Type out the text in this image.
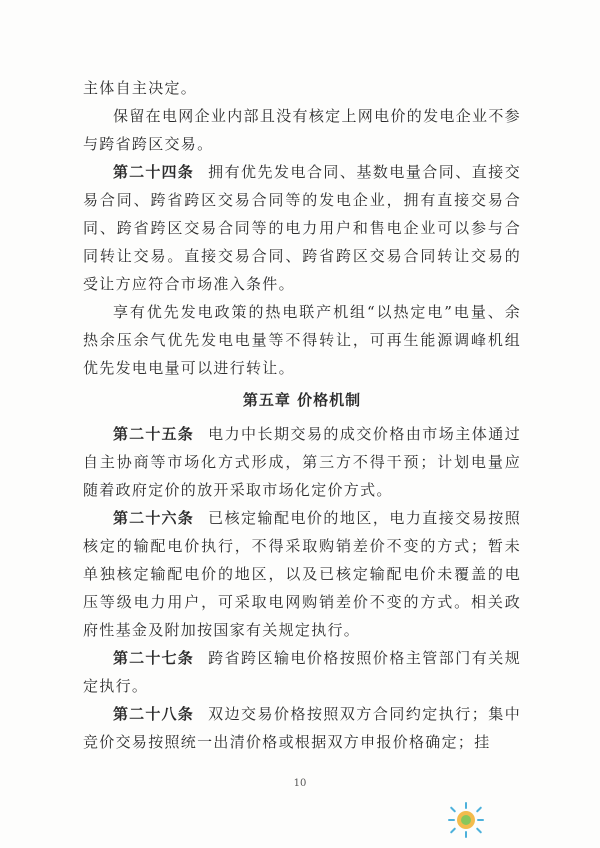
主体自主决定。

保留在电网企业内部且没有核定上网电价的发电企业不参与跨省跨区交易。

第二十四条 拥有优先发电合同、基数电量合同、直接交易合同、跨省跨区交易合同等的发电企业，拥有直接交易合同、跨省跨区交易合同等的电力用户和售电企业可以参与合同转让交易。直接交易合同、跨省跨区交易合同转让交易的受让方应符合市场准入条件。

享有优先发电政策的热电联产机组“以热定电”电量、余热余压余气优先发电电量等不得转让，可再生能源调峰机组优先发电电量可以进行转让。

第五章 价格机制

第二十五条 电力中长期交易的成交价格由市场主体通过自主协商等市场化方式形成，第三方不得干预；计划电量应随着政府定价的放开采取市场化定价方式。

第二十六条 已核定输配电价的地区，电力直接交易按照核定的输配电价执行，不得采取购销差价不变的方式；暂未单独核定输配电价的地区，以及已核定输配电价未覆盖的电压等级电力用户，可采取电网购销差价不变的方式。相关政府性基金及附加按国家有关规定执行。

第二十七条 跨省跨区输电价格按照价格主管部门有关规定执行。

第二十八条 双边交易价格按照双方合同约定执行；集中竞价交易按照统一出清价格或根据双方申报价格确定；挂

10
